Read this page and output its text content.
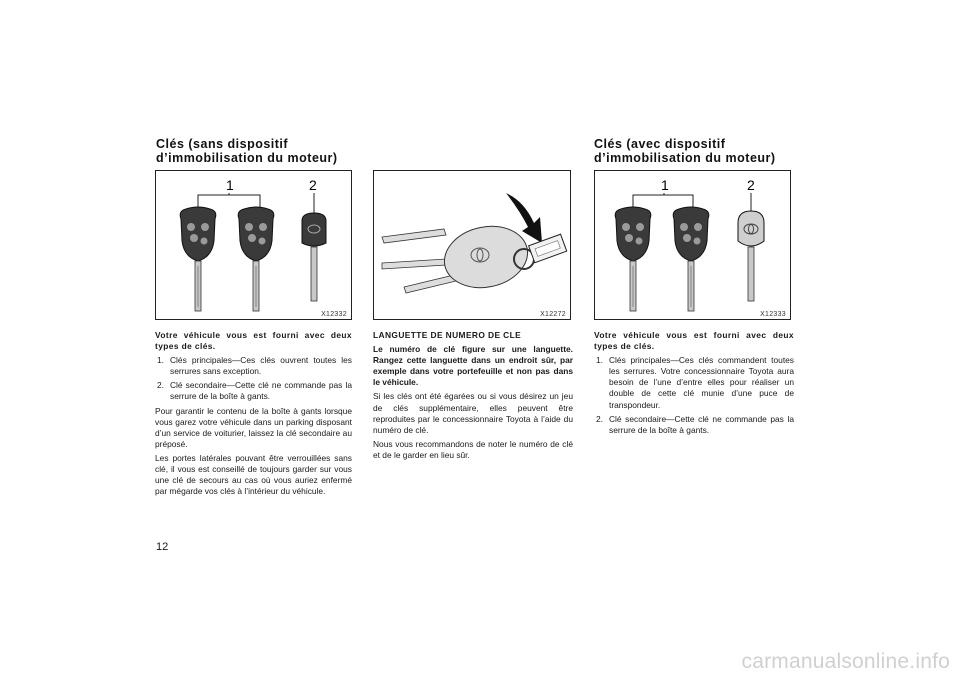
Clés (sans dispositif
d’immobilisation du moteur)
Clés (avec dispositif
d’immobilisation du moteur)
1	2
X12332	X12272
1	2
X12333

Votre véhicule vous est fourni avec deux types de clés.

1. Clés principales—Ces clés ouvrent toutes les serrures sans exception.
2. Clé secondaire—Cette clé ne commande pas la serrure de la boîte à gants.

Pour garantir le contenu de la boîte à gants lorsque vous garez votre véhicule dans un parking disposant d’un service de voiturier, laissez la clé secondaire au préposé.

Les portes latérales pouvant être verrouillées sans clé, il vous est conseillé de toujours garder sur vous une clé de secours au cas où vous auriez enfermé par mégarde vos clés à l’intérieur du véhicule.

LANGUETTE DE NUMERO DE CLE

Le numéro de clé figure sur une languette. Rangez cette languette dans un endroit sûr, par exemple dans votre portefeuille et non pas dans le véhicule.

Si les clés ont été égarées ou si vous désirez un jeu de clés supplémentaire, elles peuvent être reproduites par le concessionnaire Toyota à l’aide du numéro de clé.

Nous vous recommandons de noter le numéro de clé et de le garder en lieu sûr.

Votre véhicule vous est fourni avec deux types de clés.

1. Clés principales—Ces clés commandent toutes les serrures. Votre concessionnaire Toyota aura besoin de l’une d’entre elles pour réaliser un double de cette clé munie d’une puce de transpondeur.
2. Clé secondaire—Cette clé ne commande pas la serrure de la boîte à gants.
12
carmanualsonline.info
